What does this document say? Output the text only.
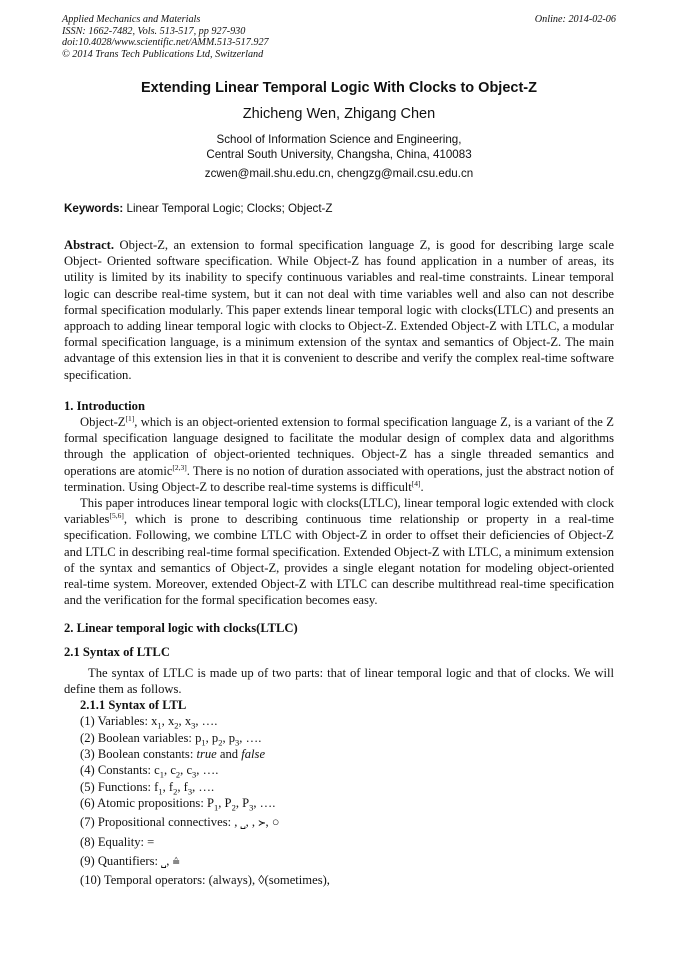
Applied Mechanics and Materials
ISSN: 1662-7482, Vols. 513-517, pp 927-930
doi:10.4028/www.scientific.net/AMM.513-517.927
© 2014 Trans Tech Publications Ltd, Switzerland
Online: 2014-02-06
Extending Linear Temporal Logic With Clocks to Object-Z
Zhicheng Wen, Zhigang Chen
School of Information Science and Engineering,
Central South University, Changsha, China, 410083
zcwen@mail.shu.edu.cn, chengzg@mail.csu.edu.cn
Keywords: Linear Temporal Logic; Clocks; Object-Z

Abstract. Object-Z, an extension to formal specification language Z, is good for describing large scale Object- Oriented software specification. While Object-Z has found application in a number of areas, its utility is limited by its inability to specify continuous variables and real-time constraints. Linear temporal logic can describe real-time system, but it can not deal with time variables well and also can not describe formal specification modularly. This paper extends linear temporal logic with clocks(LTLC) and presents an approach to adding linear temporal logic with clocks to Object-Z. Extended Object-Z with LTLC, a modular formal specification language, is a minimum extension of the syntax and semantics of Object-Z. The main advantage of this extension lies in that it is convenient to describe and verify the complex real-time software specification.

1. Introduction

Object-Z[1], which is an object-oriented extension to formal specification language Z, is a variant of the Z formal specification language designed to facilitate the modular design of complex data and algorithms through the application of object-oriented techniques. Object-Z has a single threaded semantics and operations are atomic[2,3]. There is no notion of duration associated with operations, just the abstract notion of termination. Using Object-Z to describe real-time systems is difficult[4].

This paper introduces linear temporal logic with clocks(LTLC), linear temporal logic extended with clock variables[5,6], which is prone to describing continuous time relationship or property in a real-time specification. Following, we combine LTLC with Object-Z in order to offset their deficiencies of Object-Z and LTLC in describing real-time formal specification. Extended Object-Z with LTLC, a minimum extension of the syntax and semantics of Object-Z, provides a single elegant notation for modeling object-oriented real-time system. Moreover, extended Object-Z with LTLC can describe multithread real-time specification and the verification for the formal specification becomes easy.

2. Linear temporal logic with clocks(LTLC)
2.1 Syntax of LTLC

The syntax of LTLC is made up of two parts: that of linear temporal logic and that of clocks. We will define them as follows.

2.1.1 Syntax of LTL
(1) Variables: $x_1$, $x_2$, $x_3$, ….
(2) Boolean variables: $p_1$, $p_2$, $p_3$, ….
(3) Boolean constants: true and false
(4) Constants: $c_1$, $c_2$, $c_3$, ….
(5) Functions: $f_1$, $f_2$, $f_3$, ….
(6) Atomic propositions: $P_1$, $P_2$, $P_3$, ….
(7) Propositional connectives: , ⎵, , ≻, ○
(8) Equality: =
(9) Quantifiers: ⎵, ≙
(10) Temporal operators: (always), ◊(sometimes),
